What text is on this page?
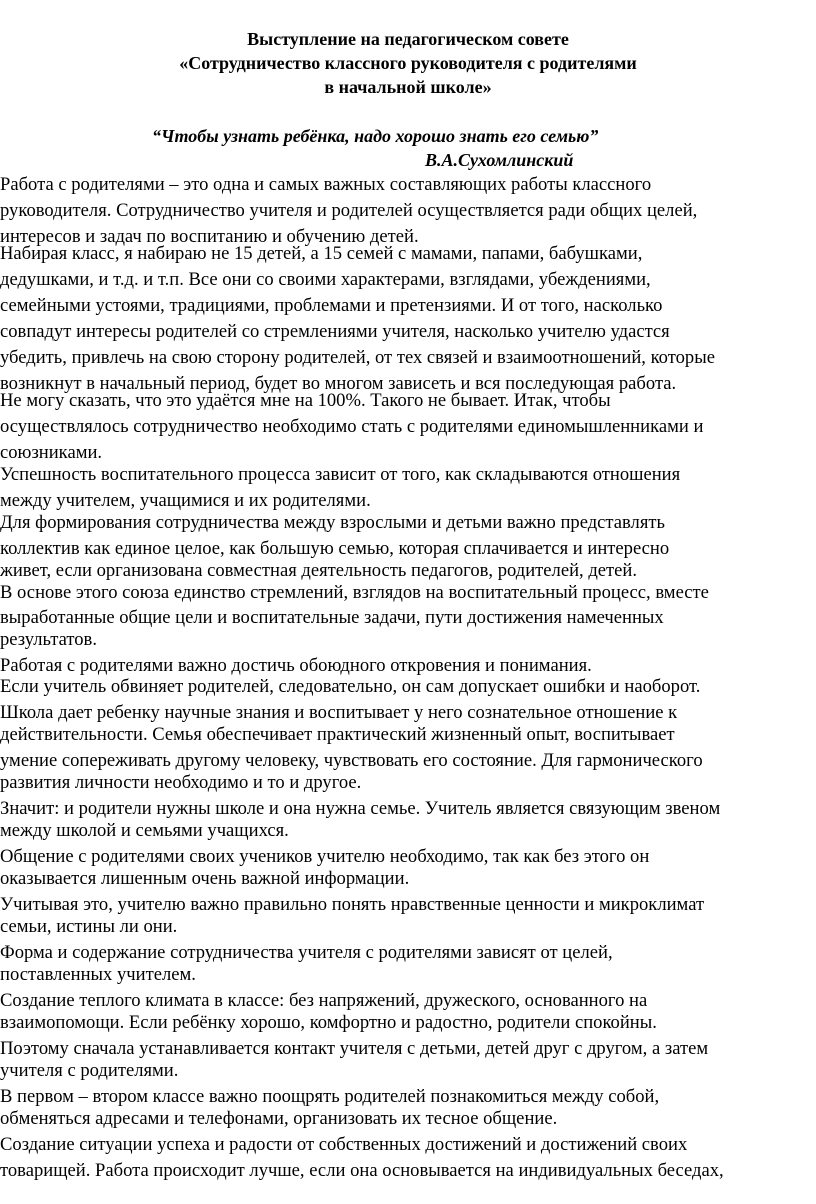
Выступление на педагогическом совете
«Сотрудничество классного руководителя с родителями
в начальной школе»
“Чтобы узнать ребёнка, надо хорошо знать его семью”
В.А.Сухомлинский
Работа с родителями – это одна и самых важных составляющих работы классного
руководителя. Сотрудничество учителя и родителей осуществляется ради общих целей,
интересов и задач по воспитанию и обучению детей.
Набирая класс, я набираю не 15 детей, а 15 семей с мамами, папами, бабушками,
дедушками, и т.д. и т.п. Все они со своими характерами, взглядами, убеждениями,
семейными устоями, традициями, проблемами и претензиями. И от того, насколько
совпадут интересы родителей со стремлениями учителя, насколько учителю удастся
убедить, привлечь на свою сторону родителей, от тех связей и взаимоотношений, которые
возникнут в начальный период, будет во многом зависеть и вся последующая работа.
Не могу сказать, что это удаётся мне на 100%. Такого не бывает. Итак, чтобы
осуществлялось сотрудничество необходимо стать с родителями единомышленниками и
союзниками.
Успешность воспитательного процесса зависит от того, как складываются отношения
между учителем, учащимися и их родителями.
Для формирования сотрудничества между взрослыми и детьми важно представлять
коллектив как единое целое, как большую семью, которая сплачивается и интересно
живет, если организована совместная деятельность педагогов, родителей, детей.
В основе этого союза единство стремлений, взглядов на воспитательный процесс, вместе
выработанные общие цели и воспитательные задачи, пути достижения намеченных
результатов.
Работая с родителями важно достичь обоюдного откровения и понимания.
Если учитель обвиняет родителей, следовательно, он сам допускает ошибки и наоборот.
Школа дает ребенку научные знания и воспитывает у него сознательное отношение к
действительности. Семья обеспечивает практический жизненный опыт, воспитывает
умение сопереживать другому человеку, чувствовать его состояние. Для гармонического
развития личности необходимо и то и другое.
Значит: и родители нужны школе и она нужна семье. Учитель является связующим звеном
между школой и семьями учащихся.
Общение с родителями своих учеников учителю необходимо, так как без этого он
оказывается лишенным очень важной информации.
Учитывая это, учителю важно правильно понять нравственные ценности и микроклимат
семьи, истины ли они.
Форма и содержание сотрудничества учителя с родителями зависят от целей,
поставленных учителем.
Создание теплого климата в классе: без напряжений, дружеского, основанного на
взаимопомощи. Если ребёнку хорошо, комфортно и радостно, родители спокойны.
Поэтому сначала устанавливается контакт учителя с детьми, детей друг с другом, а затем
учителя с родителями.
В первом – втором классе важно поощрять родителей познакомиться между собой,
обменяться адресами и телефонами, организовать их тесное общение.
Создание ситуации успеха и радости от собственных достижений и достижений своих
товарищей. Работа происходит лучше, если она основывается на индивидуальных беседах,
